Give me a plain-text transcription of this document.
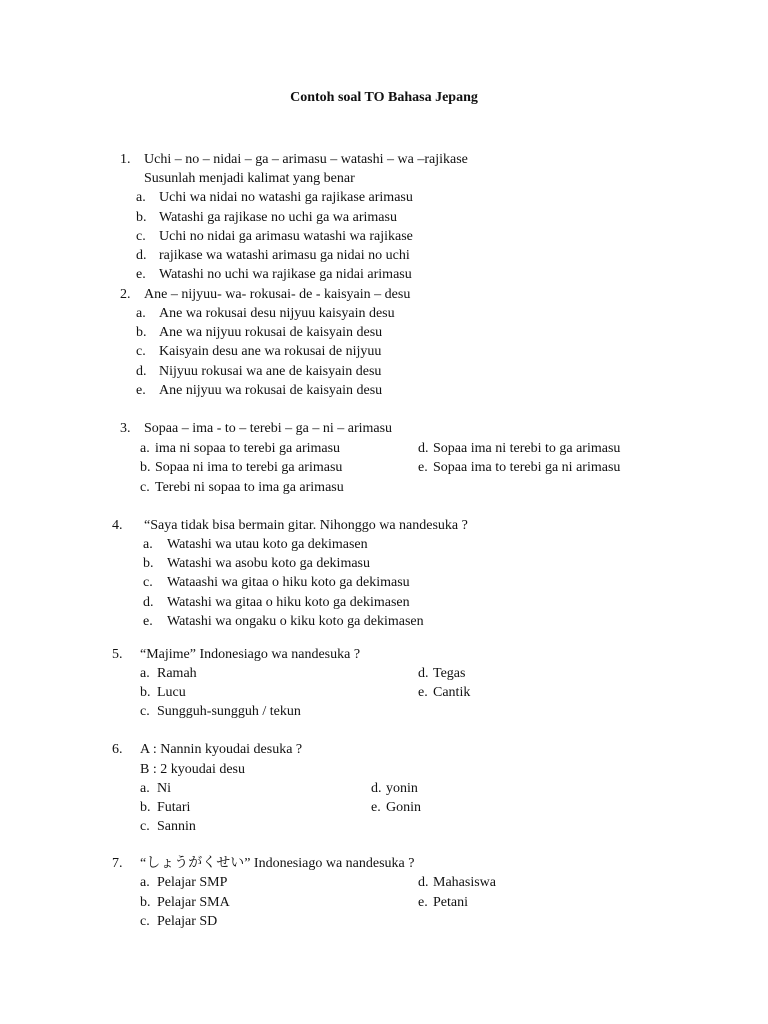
Contoh soal TO Bahasa Jepang
1. Uchi – no – nidai – ga – arimasu – watashi – wa –rajikase
Susunlah menjadi kalimat yang benar
a. Uchi wa nidai no watashi ga rajikase arimasu
b. Watashi ga rajikase no uchi ga wa arimasu
c. Uchi no nidai ga arimasu watashi wa rajikase
d. rajikase wa watashi arimasu ga nidai no uchi
e. Watashi no uchi wa rajikase ga nidai arimasu
2. Ane – nijyuu- wa- rokusai- de - kaisyain – desu
a. Ane wa rokusai desu nijyuu kaisyain desu
b. Ane wa nijyuu rokusai de kaisyain desu
c. Kaisyain desu ane wa rokusai de nijyuu
d. Nijyuu rokusai wa ane de kaisyain desu
e. Ane nijyuu wa rokusai de kaisyain desu
3. Sopaa – ima - to – terebi – ga – ni – arimasu
a. ima ni sopaa to terebi ga arimasu
b. Sopaa ni ima to terebi ga arimasu
c. Terebi ni sopaa to ima ga arimasu
d. Sopaa ima ni terebi to ga arimasu
e. Sopaa ima to terebi ga ni arimasu
4. “Saya tidak bisa bermain gitar. Nihonggo wa nandesuka ?
a. Watashi wa utau koto ga dekimasen
b. Watashi wa asobu koto ga dekimasu
c. Wataashi wa gitaa o hiku koto ga dekimasu
d. Watashi wa gitaa o hiku koto ga dekimasen
e. Watashi wa ongaku o kiku koto ga dekimasen
5. “Majime” Indonesiago wa nandesuka ?
a. Ramah
b. Lucu
c. Sungguh-sungguh / tekun
d. Tegas
e. Cantik
6. A : Nannin kyoudai desuka ?
B : 2 kyoudai desu
a. Ni
b. Futari
c. Sannin
d. yonin
e. Gonin
7. “しょうがくせい” Indonesiago wa nandesuka ?
a. Pelajar SMP
b. Pelajar SMA
c. Pelajar SD
d. Mahasiswa
e. Petani
